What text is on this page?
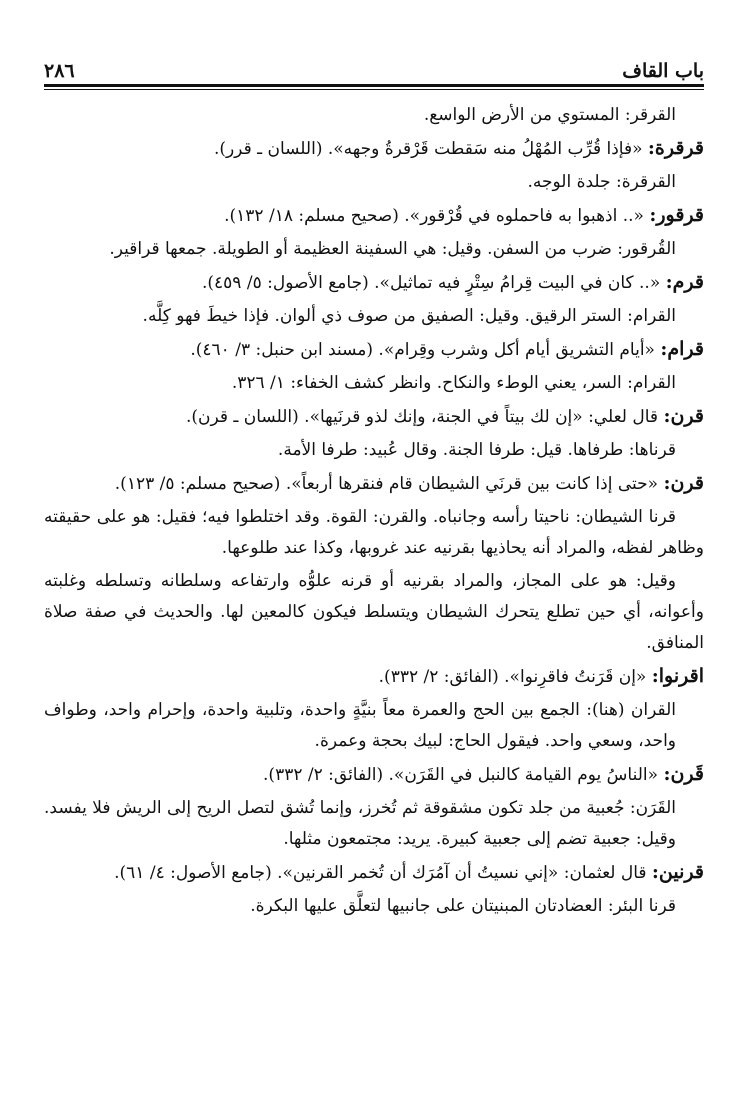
باب القاف
٢٨٦

القرقر: المستوي من الأرض الواسع.

قرقرة: «فإذا قُرِّب المُهْلُ منه سَقطت قَرْقرةُ وجهه». (اللسان ـ قرر).

القرقرة: جلدة الوجه.

قرقور: «.. اذهبوا به فاحملوه في قُرْقور». (صحيح مسلم: ١٨/ ١٣٢).

القُرقور: ضرب من السفن. وقيل: هي السفينة العظيمة أو الطويلة. جمعها قراقير.

قرم: «.. كان في البيت قِرامُ سِتْرٍ فيه تماثيل». (جامع الأصول: ٥/ ٤٥٩).

القرام: الستر الرقيق. وقيل: الصفيق من صوف ذي ألوان. فإذا خيطَ فهو كِلَّه.

قرام: «أيام التشريق أيام أكل وشرب وقِرام». (مسند ابن حنبل: ٣/ ٤٦٠).

القرام: السر، يعني الوطء والنكاح. وانظر كشف الخفاء: ١/ ٣٢٦.

قرن: قال لعلي: «إن لك بيتاً في الجنة، وإنك لذو قرنَيها». (اللسان ـ قرن).

قرناها: طرفاها. قيل: طرفا الجنة. وقال عُبيد: طرفا الأمة.

قرن: «حتى إذا كانت بين قرنَي الشيطان قام فنقرها أربعاً». (صحيح مسلم: ٥/ ١٢٣).

قرنا الشيطان: ناحيتا رأسه وجانباه. والقرن: القوة. وقد اختلطوا فيه؛ فقيل: هو على حقيقته وظاهر لفظه، والمراد أنه يحاذيها بقرنيه عند غروبها، وكذا عند طلوعها.

وقيل: هو على المجاز، والمراد بقرنيه أو قرنه علوُّه وارتفاعه وسلطانه وتسلطه وغلبته وأعوانه، أي حين تطلع يتحرك الشيطان ويتسلط فيكون كالمعين لها. والحديث في صفة صلاة المنافق.

اقرنوا: «إن قَرَنتُ فاقرِنوا». (الفائق: ٢/ ٣٣٢).

القران (هنا): الجمع بين الحج والعمرة معاً بنيَّةٍ واحدة، وتلبية واحدة، وإحرام واحد، وطواف واحد، وسعي واحد. فيقول الحاج: لبيك بحجة وعمرة.

قَرن: «الناسُ يوم القيامة كالنبل في القَرَن». (الفائق: ٢/ ٣٣٢).

القَرَن: جُعبية من جلد تكون مشقوقة ثم تُخرز، وإنما تُشق لتصل الريح إلى الريش فلا يفسد. وقيل: جعبية تضم إلى جعبية كبيرة. يريد: مجتمعون مثلها.

قرنين: قال لعثمان: «إني نسيتُ أن آمُرَك أن تُخمر القرنين». (جامع الأصول: ٤/ ٦١).

قرنا البئر: العضادتان المبنيتان على جانبيها لتعلَّق عليها البكرة.
